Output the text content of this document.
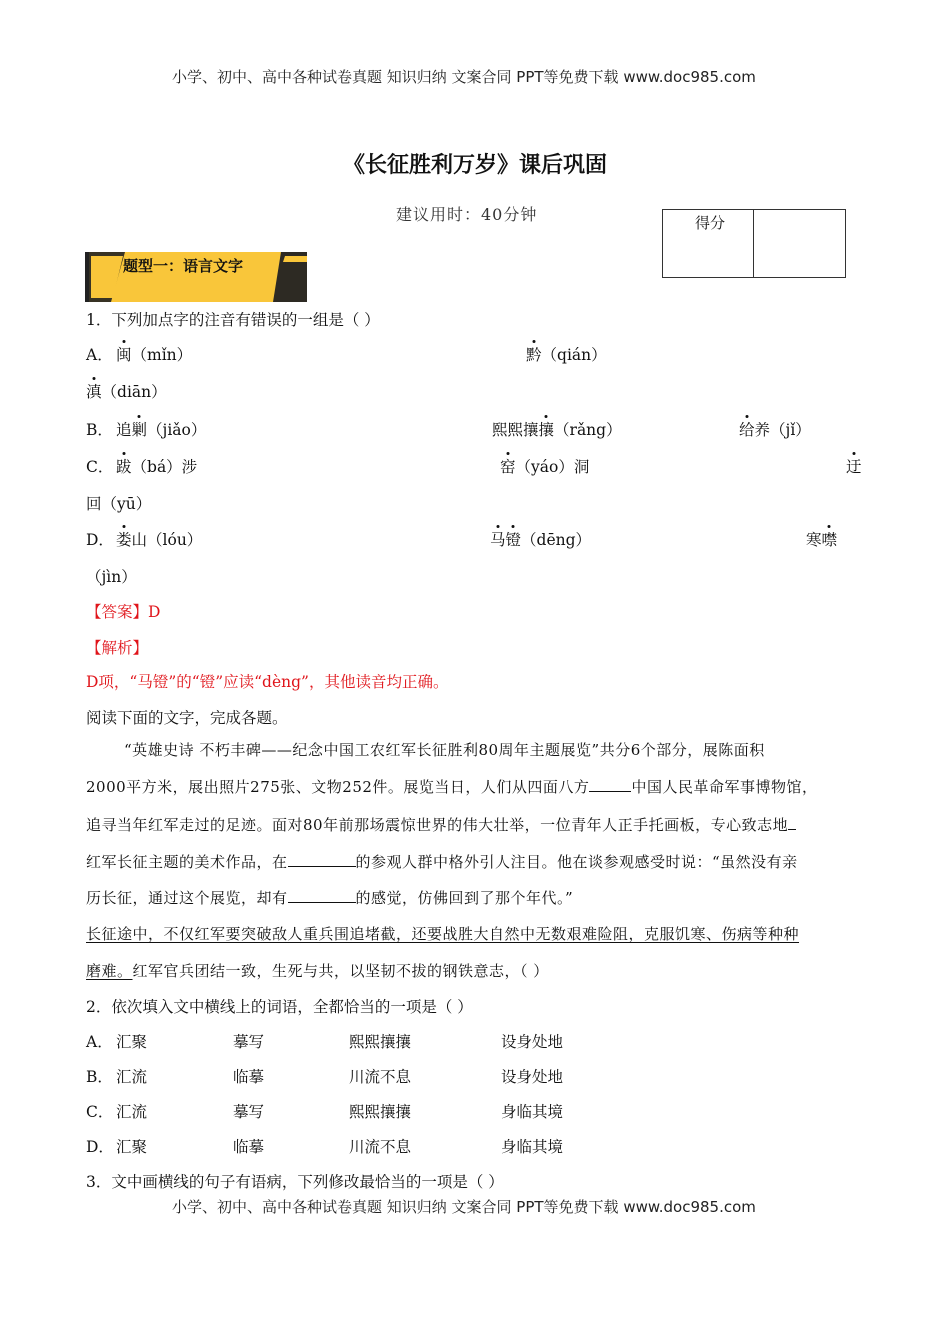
小学、初中、高中各种试卷真题 知识归纳 文案合同 PPT等免费下载 www.doc985.com
小学、初中、高中各种试卷真题 知识归纳 文案合同 PPT等免费下载 www.doc985.com
《长征胜利万岁》课后巩固
建议用时：40分钟	得分
题型一：语言文字
1．下列加点字的注音有错误的一组是（ ）
A． 闽（mǐn）	黔（qián）
滇（diān）
B． 追剿（jiǎo）	熙熙攘攘（rǎng）	给养（jǐ）
C． 跋（bá）涉	窑（yáo）洞	迂
回（yū）
D． 娄山（lóu）	马镫（dēng）	寒噤
（jìn）
【答案】D
【解析】
D项，“马镫”的“镫”应读“dèng”，其他读音均正确。
阅读下面的文字，完成各题。
“英雄史诗 不朽丰碑——纪念中国工农红军长征胜利80周年主题展览”共分6个部分，展陈面积
2000平方米，展出照片275张、文物252件。展览当日，人们从四面八方	中国人民革命军事博物馆，
追寻当年红军走过的足迹。面对80年前那场震惊世界的伟大壮举，一位青年人正手托画板，专心致志地
红军长征主题的美术作品，在	的参观人群中格外引人注目。他在谈参观感受时说：“虽然没有亲
历长征，通过这个展览，却有	的感觉，仿佛回到了那个年代。”
长征途中，不仅红军要突破敌人重兵围追堵截，还要战胜大自然中无数艰难险阻，克服饥寒、伤病等种种
磨难。红军官兵团结一致，生死与共，以坚韧不拔的钢铁意志，（ ）
2．依次填入文中横线上的词语，全都恰当的一项是（ ）
A． 汇聚	摹写	熙熙攘攘	设身处地
B． 汇流	临摹	川流不息	设身处地
C． 汇流	摹写	熙熙攘攘	身临其境
D． 汇聚	临摹	川流不息	身临其境
3．文中画横线的句子有语病，下列修改最恰当的一项是（ ）
